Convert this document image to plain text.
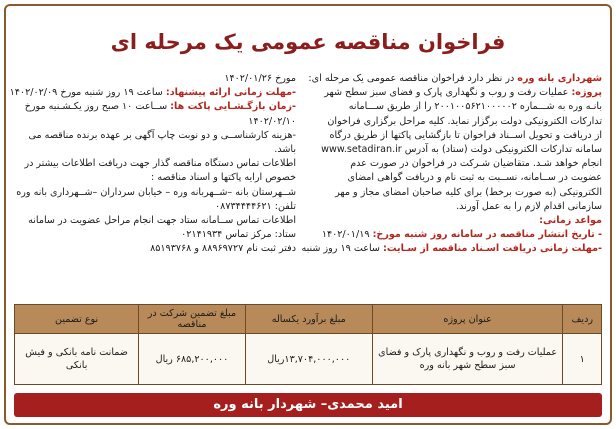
فراخوان مناقصه عمومی یک مرحله ای
شهرداری بانه وره در نظر دارد فراخوان مناقصه عمومی یک مرحله ای:
پروژه: عملیات رفت و روب و نگهداری پارک و فضای سبز سطح شهر
بانـه وره به شـــماره ۲۰۰۱۰۰۵۶۲۱۰۰۰۰۰۲ را از طریق ســـامانه
تدارکات الکترونیکی دولت برگزار نماید. کلیه مراحل برگزاری فراخوان
از دریافت و تحویل اســناد فراخوان تا بازگشایی پاکتها از طریق درگاه
سامانه تدارکات الکترونیکی دولت (ستاد) به آدرس www.setadiran.ir
انجام خواهد شـد. متقاضیان شـرکت در فراخوان در صورت عدم
عضویت در ســامانه، نســبت به ثبت نام و دریافت گواهی امضای
الکترونیکی (به صورت برخط) برای کلیه صاحبان امضای مجاز و مهر
سازمانی اقدام لازم را به عمل آورند.
مواعد زمانی:
- تاریخ انتشار مناقصه در سامانه روز شنبه مورخ: ۱۴۰۲/۰۱/۱۹
-مهلت زمانی دریافت اسـناد مناقصه از سـایت: ساعت ۱۹ روز شنبه
مورخ ۱۴۰۲/۰۱/۲۶
-مهلت زمانی ارائه پیشنهاد: ساعت ۱۹ روز شنبه مورخ ۱۴۰۲/۰۲/۰۹
-زمان بازگـشـایی پاکت ها: ســاعت ۱۰ صبح روز یکـشـنبه مورخ
۱۴۰۲/۰۲/۱۰
-هزینه کارشناســی و دو نوبت چاپ آگهی بر عهده برنده مناقصه می
باشد.
اطلاعات تماس دستگاه مناقصه گذار جهت دریافت اطلاعات بیشتر در
خصوص ارایه پاکتها و اسناد مناقصه :
شــهرستان بانه –شــهربانه وره – خیابان سرداران –شــهرداری بانه وره
تلفن: ۰۸۷۳۴۴۴۴۶۲۱
اطلاعات تماس ســامانه ستاد جهت انجام مراحل عضویت در سامانه
ستاد: مرکز تماس ۰۲۱۴۱۹۳۴
دفتر ثبت نام ۸۸۹۶۹۷۲۷ و ۸۵۱۹۳۷۶۸
ردیف	عنوان پروژه	مبلغ برآورد یکساله	مبلغ تضمین شرکت در مناقصه	نوع تضمین
۱	عملیات رفت و روب و نگهداری پارک و فضای سبز سطح شهر بانه وره	۱۳,۷۰۴,۰۰۰,۰۰۰ریال	۶۸۵,۲۰۰,۰۰۰ ریال	ضمانت نامه بانکی و فیش بانکی
امید محمدی– شهردار بانه وره
